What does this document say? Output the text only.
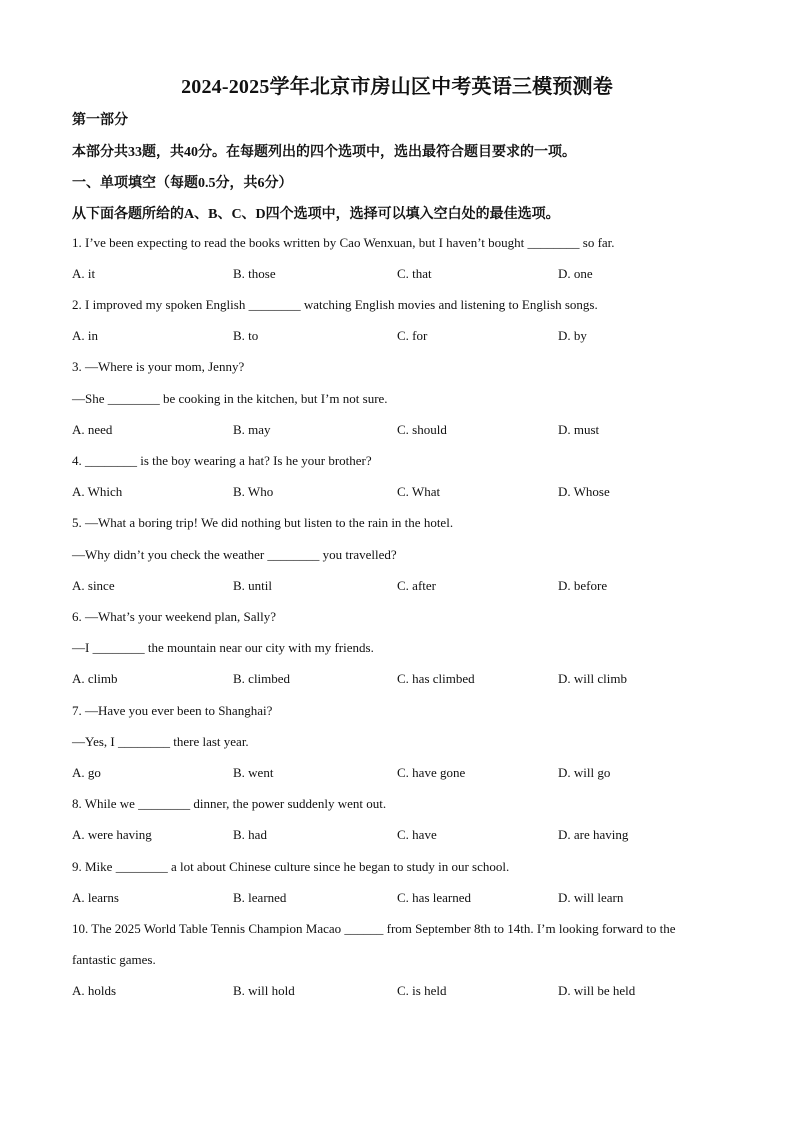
2024-2025学年北京市房山区中考英语三模预测卷
第一部分
本部分共33题，共40分。在每题列出的四个选项中，选出最符合题目要求的一项。
一、单项填空（每题0.5分，共6分）
从下面各题所给的A、B、C、D四个选项中，选择可以填入空白处的最佳选项。
1. I’ve been expecting to read the books written by Cao Wenxuan, but I haven’t bought ________ so far.
A. it	B. those	C. that	D. one
2. I improved my spoken English ________ watching English movies and listening to English songs.
A. in	B. to	C. for	D. by
3. —Where is your mom, Jenny?
—She ________ be cooking in the kitchen, but I’m not sure.
A. need	B. may	C. should	D. must
4. ________ is the boy wearing a hat? Is he your brother?
A. Which	B. Who	C. What	D. Whose
5. —What a boring trip! We did nothing but listen to the rain in the hotel.
—Why didn’t you check the weather ________ you travelled?
A. since	B. until	C. after	D. before
6. —What’s your weekend plan, Sally?
—I ________ the mountain near our city with my friends.
A. climb	B. climbed	C. has climbed	D. will climb
7. —Have you ever been to Shanghai?
—Yes, I ________ there last year.
A. go	B. went	C. have gone	D. will go
8. While we ________ dinner, the power suddenly went out.
A. were having	B. had	C. have	D. are having
9. Mike ________ a lot about Chinese culture since he began to study in our school.
A. learns	B. learned	C. has learned	D. will learn
10. The 2025 World Table Tennis Champion Macao ______ from September 8th to 14th. I’m looking forward to the
fantastic games.
A. holds	B. will hold	C. is held	D. will be held
